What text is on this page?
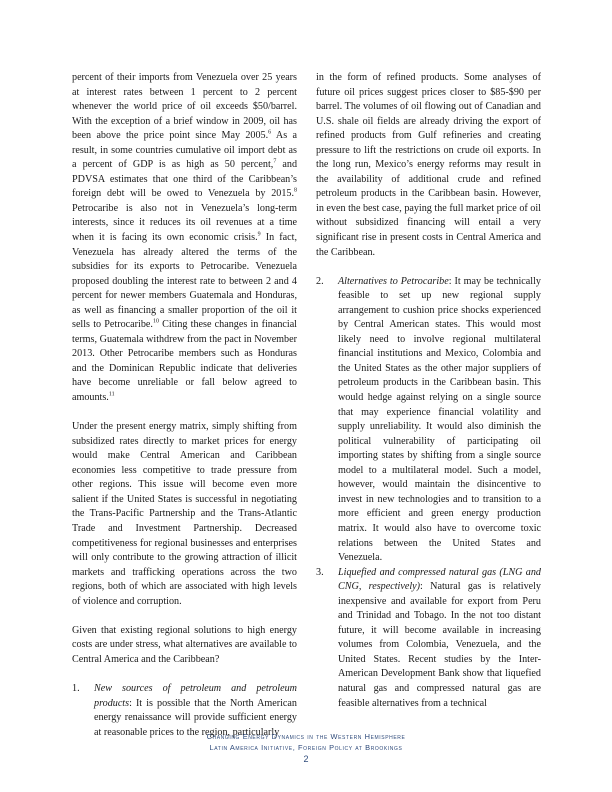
percent of their imports from Venezuela over 25 years at interest rates between 1 percent to 2 percent whenever the world price of oil exceeds $50/barrel. With the exception of a brief window in 2009, oil has been above the price point since May 2005.$^6$ As a result, in some countries cumulative oil import debt as a percent of GDP is as high as 50 percent,$^7$ and PDVSA estimates that one third of the Caribbean’s foreign debt will be owed to Venezuela by 2015.$^8$ Petrocaribe is also not in Venezuela’s long-term interests, since it reduces its oil revenues at a time when it is facing its own economic crisis.$^9$ In fact, Venezuela has already altered the terms of the subsidies for its exports to Petrocaribe. Venezuela proposed doubling the interest rate to between 2 and 4 percent for newer members Guatemala and Honduras, as well as financing a smaller proportion of the oil it sells to Petrocaribe.$^{10}$ Citing these changes in financial terms, Guatemala withdrew from the pact in November 2013. Other Petrocaribe members such as Honduras and the Dominican Republic indicate that deliveries have become unreliable or fall below agreed to amounts.$^{11}$

Under the present energy matrix, simply shifting from subsidized rates directly to market prices for energy would make Central American and Caribbean economies less competitive to trade pressure from other regions. This issue will become even more salient if the United States is successful in negotiating the Trans-Pacific Partnership and the Trans-Atlantic Trade and Investment Partnership. Decreased competitiveness for regional businesses and enterprises will only contribute to the growing attraction of illicit markets and trafficking operations across the two regions, both of which are associated with high levels of violence and corruption.

Given that existing regional solutions to high energy costs are under stress, what alternatives are available to Central America and the Caribbean?

1. New sources of petroleum and petroleum products: It is possible that the North American energy renaissance will provide sufficient energy at reasonable prices to the region, particularly

in the form of refined products. Some analyses of future oil prices suggest prices closer to $85-$90 per barrel. The volumes of oil flowing out of Canadian and U.S. shale oil fields are already driving the export of refined products from Gulf refineries and creating pressure to lift the restrictions on crude oil exports. In the long run, Mexico’s energy reforms may result in the availability of additional crude and refined petroleum products in the Caribbean basin. However, in even the best case, paying the full market price of oil without subsidized financing will entail a very significant rise in present costs in Central America and the Caribbean.

2. Alternatives to Petrocaribe: It may be technically feasible to set up new regional supply arrangement to cushion price shocks experienced by Central American states. This would most likely need to involve regional multilateral financial institutions and Mexico, Colombia and the United States as the other major suppliers of petroleum products in the Caribbean basin. This would hedge against relying on a single source that may experience financial volatility and supply unreliability. It would also diminish the political vulnerability of participating oil importing states by shifting from a single source model to a multilateral model. Such a model, however, would maintain the disincentive to invest in new technologies and to transition to a more efficient and green energy production matrix. It would also have to overcome toxic relations between the United States and Venezuela.

3. Liquefied and compressed natural gas (LNG and CNG, respectively): Natural gas is relatively inexpensive and available for export from Peru and Trinidad and Tobago. In the not too distant future, it will become available in increasing volumes from Colombia, Venezuela, and the United States. Recent studies by the Inter-American Development Bank show that liquefied natural gas and compressed natural gas are feasible alternatives from a technical

Changing Energy Dynamics in the Western Hemisphere
Latin America Initiative, Foreign Policy at Brookings
2
